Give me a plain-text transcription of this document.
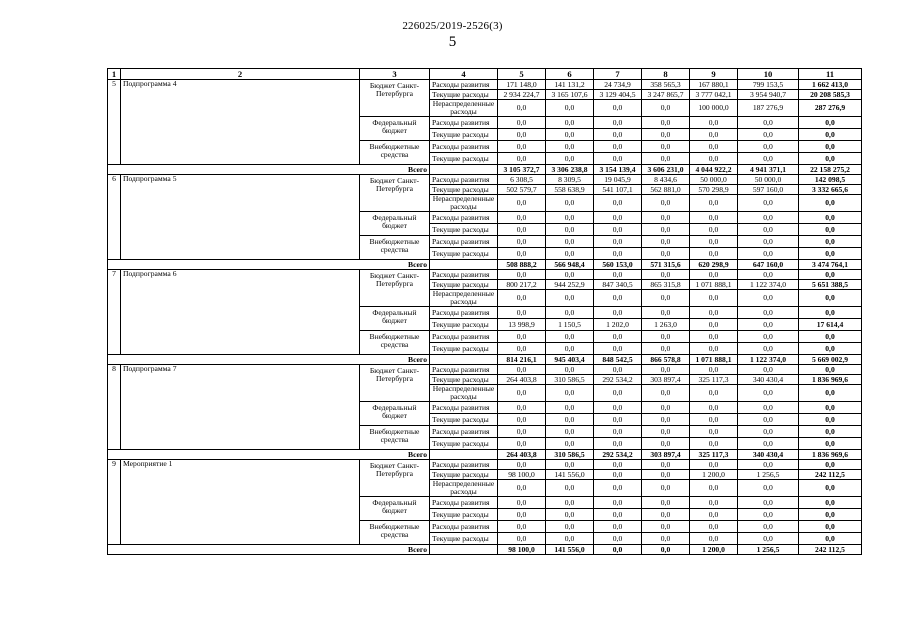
226025/2019-2526(3)
5
1	2	3	4	5	6	7	8	9	10	11
5	Подпрограмма 4	Бюджет Санкт-Петербурга	Расходы развития	171 148,0	141 131,2	24 734,9	358 565,3	167 880,1	799 153,5	1 662 413,0
			Текущие расходы	2 934 224,7	3 165 107,6	3 129 404,5	3 247 865,7	3 777 042,1	3 954 940,7	20 208 585,3
			Нераспределенные расходы	0,0	0,0	0,0	0,0	100 000,0	187 276,9	287 276,9
		Федеральный бюджет	Расходы развития	0,0	0,0	0,0	0,0	0,0	0,0	0,0
			Текущие расходы	0,0	0,0	0,0	0,0	0,0	0,0	0,0
		Внебюджетные средства	Расходы развития	0,0	0,0	0,0	0,0	0,0	0,0	0,0
			Текущие расходы	0,0	0,0	0,0	0,0	0,0	0,0	0,0
Всего				3 105 372,7	3 306 238,8	3 154 139,4	3 606 231,0	4 044 922,2	4 941 371,1	22 158 275,2
6	Подпрограмма 5	Бюджет Санкт-Петербурга	Расходы развития	6 308,5	8 309,5	19 045,9	8 434,6	50 000,0	50 000,0	142 098,5
			Текущие расходы	502 579,7	558 638,9	541 107,1	562 881,0	570 298,9	597 160,0	3 332 665,6
			Нераспределенные расходы	0,0	0,0	0,0	0,0	0,0	0,0	0,0
		Федеральный бюджет	Расходы развития	0,0	0,0	0,0	0,0	0,0	0,0	0,0
			Текущие расходы	0,0	0,0	0,0	0,0	0,0	0,0	0,0
		Внебюджетные средства	Расходы развития	0,0	0,0	0,0	0,0	0,0	0,0	0,0
			Текущие расходы	0,0	0,0	0,0	0,0	0,0	0,0	0,0
Всего				508 888,2	566 948,4	560 153,0	571 315,6	620 298,9	647 160,0	3 474 764,1
7	Подпрограмма 6	Бюджет Санкт-Петербурга	Расходы развития	0,0	0,0	0,0	0,0	0,0	0,0	0,0
			Текущие расходы	800 217,2	944 252,9	847 340,5	865 315,8	1 071 888,1	1 122 374,0	5 651 388,5
			Нераспределенные расходы	0,0	0,0	0,0	0,0	0,0	0,0	0,0
		Федеральный бюджет	Расходы развития	0,0	0,0	0,0	0,0	0,0	0,0	0,0
			Текущие расходы	13 998,9	1 150,5	1 202,0	1 263,0	0,0	0,0	17 614,4
		Внебюджетные средства	Расходы развития	0,0	0,0	0,0	0,0	0,0	0,0	0,0
			Текущие расходы	0,0	0,0	0,0	0,0	0,0	0,0	0,0
Всего				814 216,1	945 403,4	848 542,5	866 578,8	1 071 888,1	1 122 374,0	5 669 002,9
8	Подпрограмма 7	Бюджет Санкт-Петербурга	Расходы развития	0,0	0,0	0,0	0,0	0,0	0,0	0,0
			Текущие расходы	264 403,8	310 586,5	292 534,2	303 897,4	325 117,3	340 430,4	1 836 969,6
			Нераспределенные расходы	0,0	0,0	0,0	0,0	0,0	0,0	0,0
		Федеральный бюджет	Расходы развития	0,0	0,0	0,0	0,0	0,0	0,0	0,0
			Текущие расходы	0,0	0,0	0,0	0,0	0,0	0,0	0,0
		Внебюджетные средства	Расходы развития	0,0	0,0	0,0	0,0	0,0	0,0	0,0
			Текущие расходы	0,0	0,0	0,0	0,0	0,0	0,0	0,0
Всего				264 403,8	310 586,5	292 534,2	303 897,4	325 117,3	340 430,4	1 836 969,6
9	Мероприятие 1	Бюджет Санкт-Петербурга	Расходы развития	0,0	0,0	0,0	0,0	0,0	0,0	0,0
			Текущие расходы	98 100,0	141 556,0	0,0	0,0	1 200,0	1 256,5	242 112,5
			Нераспределенные расходы	0,0	0,0	0,0	0,0	0,0	0,0	0,0
		Федеральный бюджет	Расходы развития	0,0	0,0	0,0	0,0	0,0	0,0	0,0
			Текущие расходы	0,0	0,0	0,0	0,0	0,0	0,0	0,0
		Внебюджетные средства	Расходы развития	0,0	0,0	0,0	0,0	0,0	0,0	0,0
			Текущие расходы	0,0	0,0	0,0	0,0	0,0	0,0	0,0
Всего				98 100,0	141 556,0	0,0	0,0	1 200,0	1 256,5	242 112,5
